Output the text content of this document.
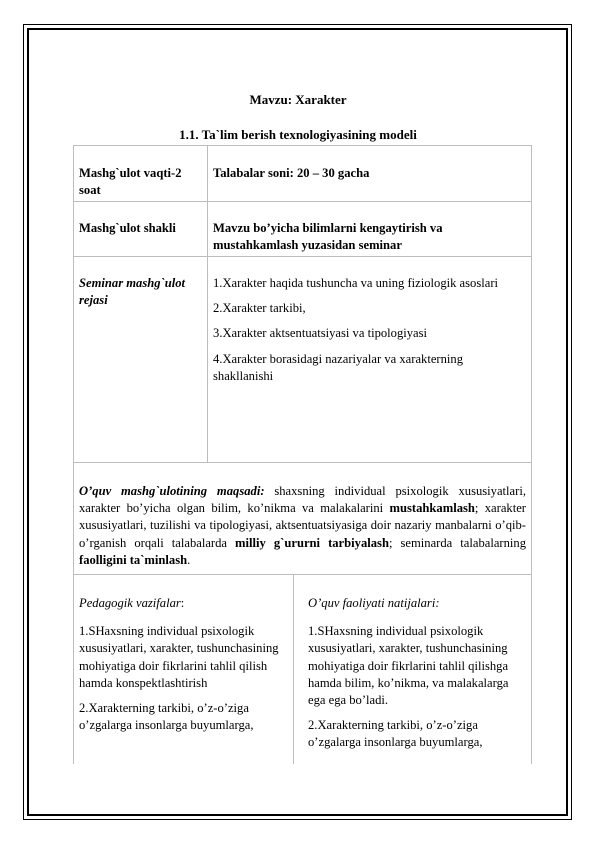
Mavzu: Xarakter
1.1. Ta`lim berish texnologiyasining modeli
Mashg`ulot vaqti-2 soat
Talabalar soni: 20 – 30 gacha
Mashg`ulot shakli	Mavzu bo’yicha bilimlarni kengaytirish va mustahkamlash yuzasidan seminar
Seminar mashg`ulot rejasi

1.Xarakter haqida tushuncha va uning fiziologik asoslari

2.Xarakter tarkibi,

3.Xarakter aktsentuatsiyasi va tipologiyasi

4.Xarakter borasidagi nazariyalar va xarakterning shakllanishi

O’quv mashg`ulotining maqsadi: shaxsning individual psixologik xususiyatlari, xarakter bo’yicha olgan bilim, ko’nikma va malakalarini mustahkamlash; xarakter xususiyatlari, tuzilishi va tipologiyasi, aktsentuatsiyasiga doir nazariy manbalarni o’qib-o’rganish orqali talabalarda milliy g`ururni tarbiyalash; seminarda talabalarning faolligini ta`minlash.

Pedagogik vazifalar:

1.SHaxsning individual psixologik xususiyatlari, xarakter, tushunchasining mohiyatiga doir fikrlarini tahlil qilish hamda konspektlashtirish

2.Xarakterning tarkibi, o’z-o’ziga o’zgalarga insonlarga buyumlarga,

O’quv faoliyati natijalari:

1.SHaxsning individual psixologik xususiyatlari, xarakter, tushunchasining mohiyatiga doir fikrlarini tahlil qilishga hamda bilim, ko’nikma, va malakalarga ega ega bo’ladi.

2.Xarakterning tarkibi, o’z-o’ziga o’zgalarga insonlarga buyumlarga,
